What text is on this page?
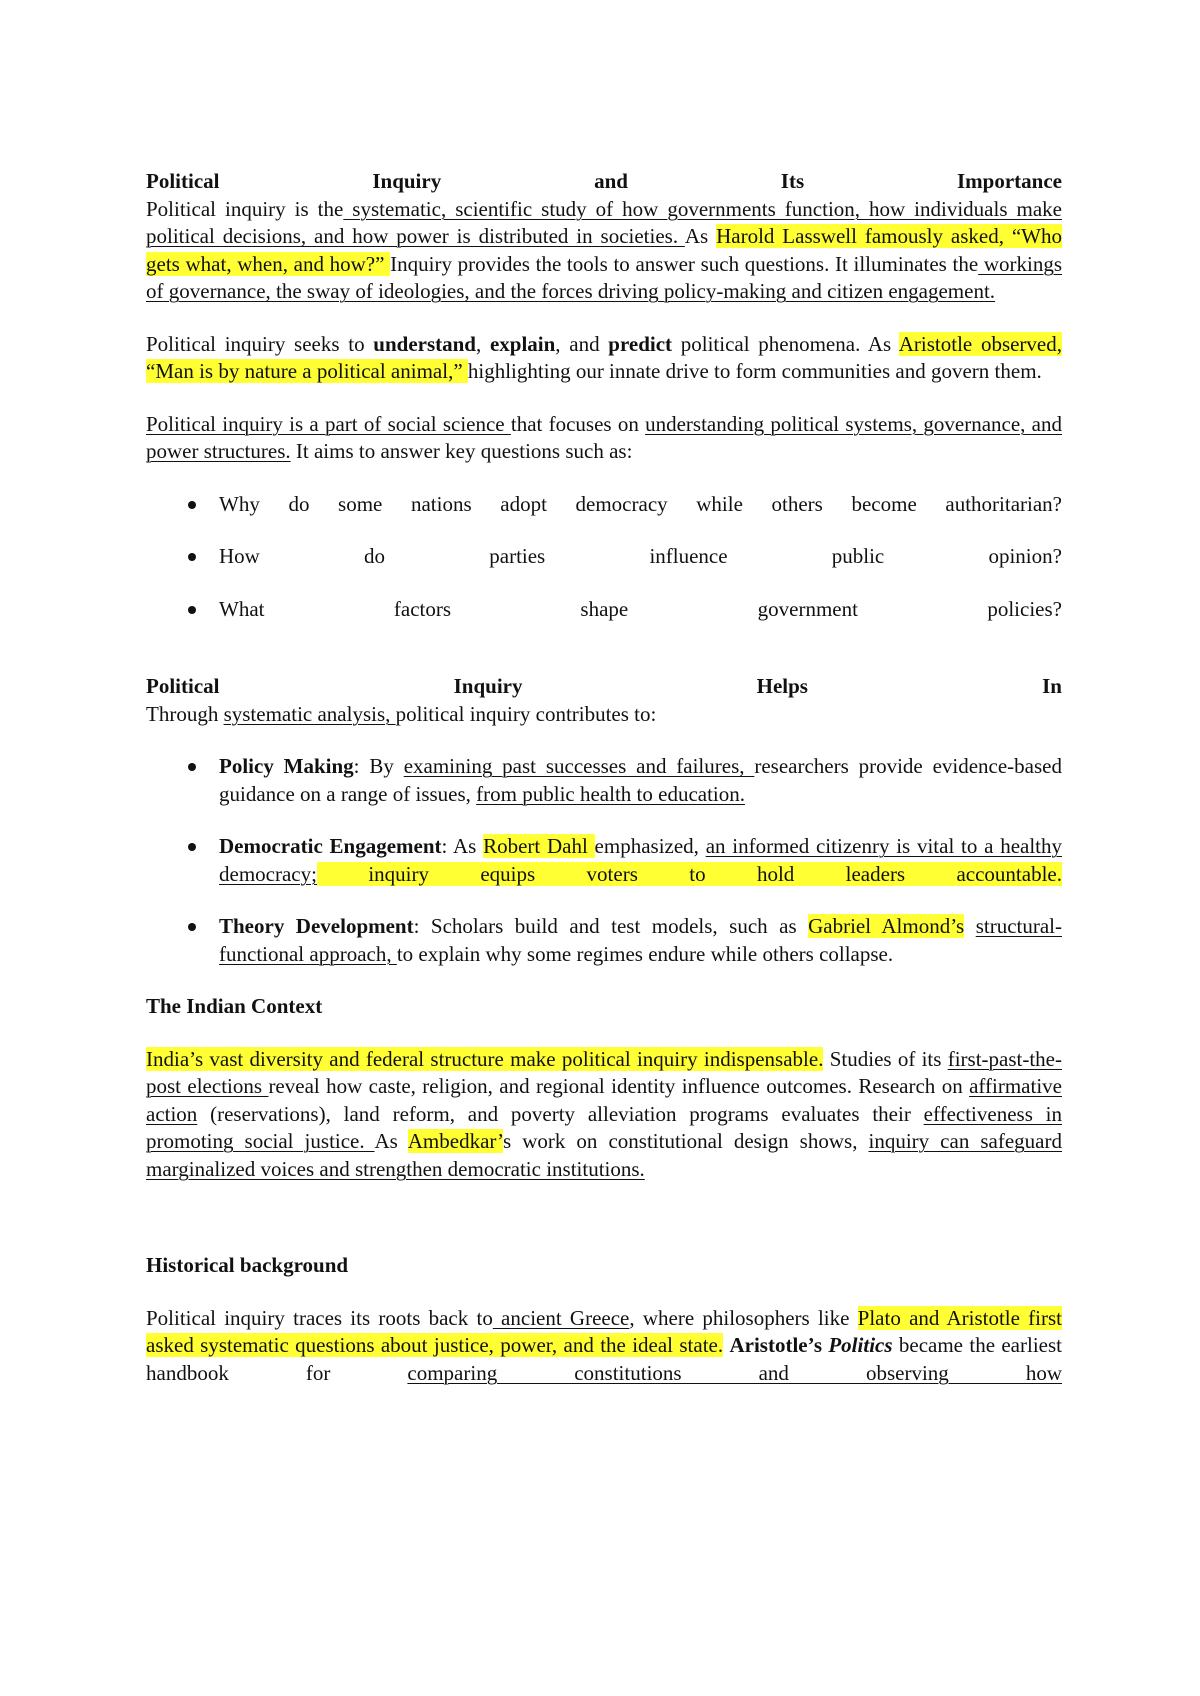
Political	Inquiry	and	Its	Importance

Political inquiry is the systematic, scientific study of how governments function, how individuals make political decisions, and how power is distributed in societies. As Harold Lasswell famously asked, “Who gets what, when, and how?” Inquiry provides the tools to answer such questions. It illuminates the workings of governance, the sway of ideologies, and the forces driving policy-making and citizen engagement.

Political inquiry seeks to understand, explain, and predict political phenomena. As Aristotle observed, “Man is by nature a political animal,” highlighting our innate drive to form communities and govern them.

Political inquiry is a part of social science that focuses on understanding political systems, governance, and power structures. It aims to answer key questions such as:

Why do some nations adopt democracy while others become authoritarian?
How	do	parties	influence	public	opinion?
What	factors	shape	government	policies?
Political	Inquiry	Helps	In

Through systematic analysis, political inquiry contributes to:

Policy Making: By examining past successes and failures, researchers provide evidence-based guidance on a range of issues, from public health to education.

Democratic Engagement: As Robert Dahl emphasized, an informed citizenry is vital to a healthy democracy; inquiry equips voters to hold leaders accountable.

Theory Development: Scholars build and test models, such as Gabriel Almond’s structural-functional approach, to explain why some regimes endure while others collapse.

The Indian Context

India’s vast diversity and federal structure make political inquiry indispensable. Studies of its first-past-the-post elections reveal how caste, religion, and regional identity influence outcomes. Research on affirmative action (reservations), land reform, and poverty alleviation programs evaluates their effectiveness in promoting social justice. As Ambedkar’s work on constitutional design shows, inquiry can safeguard marginalized voices and strengthen democratic institutions.

Historical background

Political inquiry traces its roots back to ancient Greece, where philosophers like Plato and Aristotle first asked systematic questions about justice, power, and the ideal state. Aristotle’s Politics became the earliest handbook for comparing constitutions and observing how
